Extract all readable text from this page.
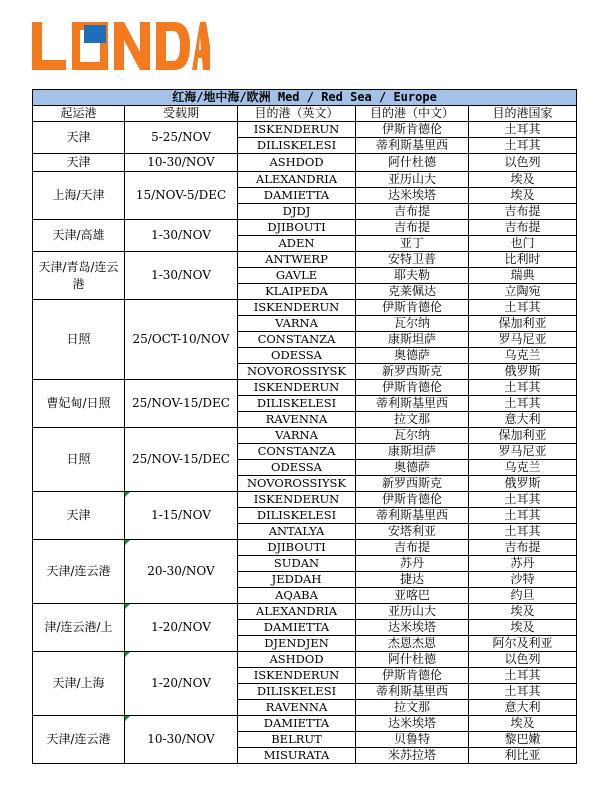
红海/地中海/欧洲 Med / Red Sea / Europe				
起运港	受载期	目的港（英文）	目的港（中文）	目的港国家
天津	5-25/NOV	ISKENDERUN	伊斯肯德伦	土耳其
		DILISKELESI	蒂利斯基里西	土耳其
天津	10-30/NOV	ASHDOD	阿什杜德	以色列
上海/天津	15/NOV-5/DEC	ALEXANDRIA	亚历山大	埃及
		DAMIETTA	达米埃塔	埃及
		DJDJ	吉布提	吉布提
天津/高雄	1-30/NOV	DJIBOUTI	吉布提	吉布提
		ADEN	亚丁	也门
天津/青岛/连云港	1-30/NOV	ANTWERP	安特卫普	比利时
		GAVLE	耶夫勒	瑞典
		KLAIPEDA	克莱佩达	立陶宛
日照	25/OCT-10/NOV	ISKENDERUN	伊斯肯德伦	土耳其
		VARNA	瓦尔纳	保加利亚
		CONSTANZA	康斯坦萨	罗马尼亚
		ODESSA	奥德萨	乌克兰
		NOVOROSSIYSK	新罗西斯克	俄罗斯
曹妃甸/日照	25/NOV-15/DEC	ISKENDERUN	伊斯肯德伦	土耳其
		DILISKELESI	蒂利斯基里西	土耳其
		RAVENNA	拉文那	意大利
日照	25/NOV-15/DEC	VARNA	瓦尔纳	保加利亚
		CONSTANZA	康斯坦萨	罗马尼亚
		ODESSA	奥德萨	乌克兰
		NOVOROSSIYSK	新罗西斯克	俄罗斯
天津	1-15/NOV	ISKENDERUN	伊斯肯德伦	土耳其
		DILISKELESI	蒂利斯基里西	土耳其
		ANTALYA	安塔利亚	土耳其
天津/连云港	20-30/NOV	DJIBOUTI	吉布提	吉布提
		SUDAN	苏丹	苏丹
		JEDDAH	捷达	沙特
		AQABA	亚喀巴	约旦
津/连云港/上	1-20/NOV	ALEXANDRIA	亚历山大	埃及
		DAMIETTA	达米埃塔	埃及
		DJENDJEN	杰恩杰恩	阿尔及利亚
天津/上海	1-20/NOV	ASHDOD	阿什杜德	以色列
		ISKENDERUN	伊斯肯德伦	土耳其
		DILISKELESI	蒂利斯基里西	土耳其
		RAVENNA	拉文那	意大利
天津/连云港	10-30/NOV	DAMIETTA	达米埃塔	埃及
		BELRUT	贝鲁特	黎巴嫩
		MISURATA	米苏拉塔	利比亚
